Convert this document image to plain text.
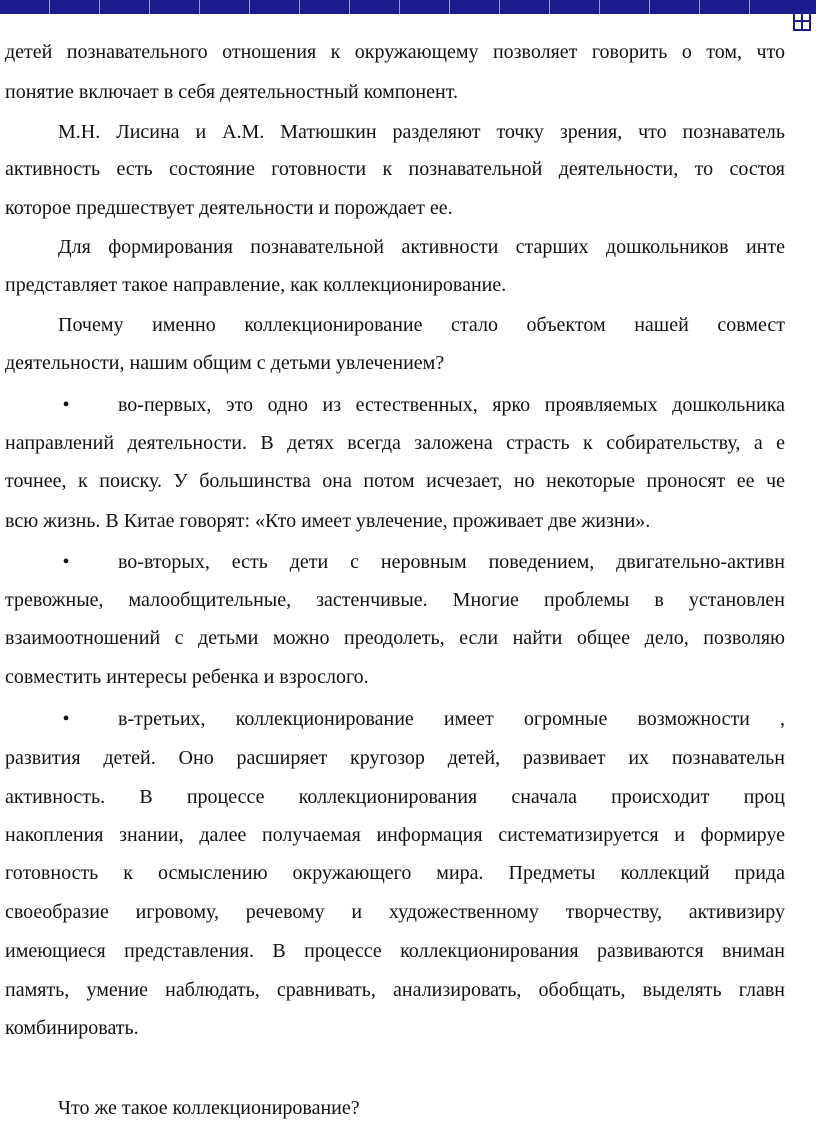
детей познавательного отношения к окружающему позволяет говорить о том, что
понятие включает в себя деятельностный компонент.
М.Н. Лисина и А.М. Матюшкин разделяют точку зрения, что познаватель
активность есть состояние готовности к познавательной деятельности, то состоя
которое предшествует деятельности и порождает ее.
Для формирования познавательной активности старших дошкольников инте
представляет такое направление, как коллекционирование.
Почему именно коллекционирование стало объектом нашей совмест
деятельности, нашим общим с детьми увлечением?
• во-первых, это одно из естественных, ярко проявляемых дошкольника
направлений деятельности. В детях всегда заложена страсть к собирательству, а е
точнее, к поиску. У большинства она потом исчезает, но некоторые проносят ее че
всю жизнь. В Китае говорят: «Кто имеет увлечение, проживает две жизни».
• во-вторых, есть дети с неровным поведением, двигательно-активн
тревожные, малообщительные, застенчивые. Многие проблемы в установлен
взаимоотношений с детьми можно преодолеть, если найти общее дело, позволяю
совместить интересы ребенка и взрослого.
• в-третьих, коллекционирование имеет огромные возможности ,
развития детей. Оно расширяет кругозор детей, развивает их познавательн
активность. В процессе коллекционирования сначала происходит проц
накопления знании, далее получаемая информация систематизируется и формируе
готовность к осмыслению окружающего мира. Предметы коллекций прида
своеобразие игровому, речевому и художественному творчеству, активизиру
имеющиеся представления. В процессе коллекционирования развиваются вниман
память, умение наблюдать, сравнивать, анализировать, обобщать, выделять главн
комбинировать.
Что же такое коллекционирование?
